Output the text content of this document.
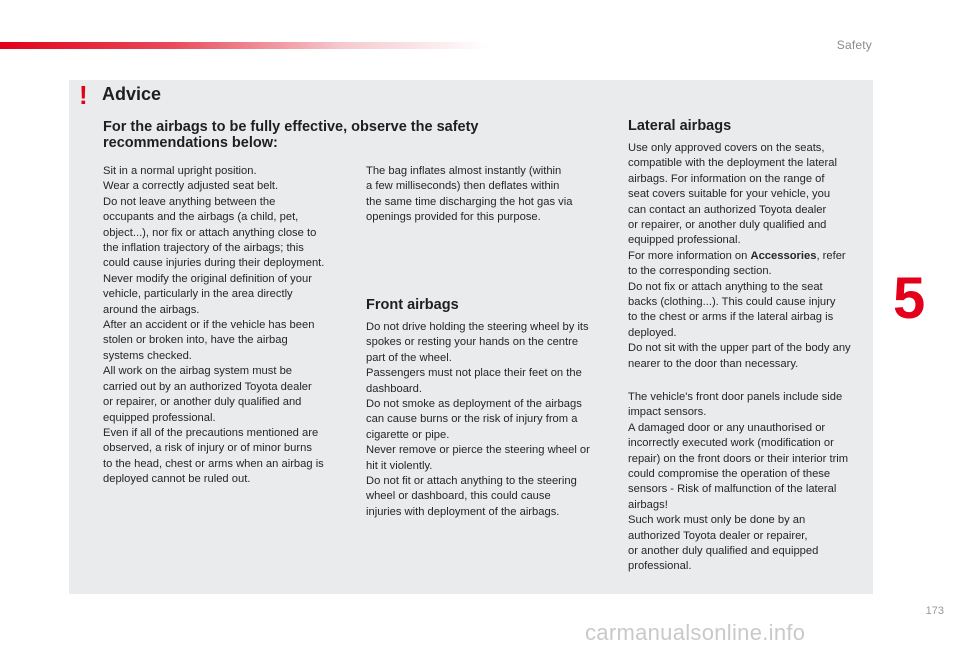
Safety
! Advice
For the airbags to be fully effective, observe the safety recommendations below:

Sit in a normal upright position.

Wear a correctly adjusted seat belt.

Do not leave anything between the

occupants and the airbags (a child, pet,

object...), nor fix or attach anything close to

the inflation trajectory of the airbags; this

could cause injuries during their deployment.

Never modify the original definition of your

vehicle, particularly in the area directly

around the airbags.

After an accident or if the vehicle has been

stolen or broken into, have the airbag

systems checked.

All work on the airbag system must be

carried out by an authorized Toyota dealer

or repairer, or another duly qualified and

equipped professional.

Even if all of the precautions mentioned are

observed, a risk of injury or of minor burns

to the head, chest or arms when an airbag is

deployed cannot be ruled out.

The bag inflates almost instantly (within

a few milliseconds) then deflates within

the same time discharging the hot gas via

openings provided for this purpose.

Front airbags

Do not drive holding the steering wheel by its

spokes or resting your hands on the centre

part of the wheel.

Passengers must not place their feet on the

dashboard.

Do not smoke as deployment of the airbags

can cause burns or the risk of injury from a

cigarette or pipe.

Never remove or pierce the steering wheel or

hit it violently.

Do not fit or attach anything to the steering

wheel or dashboard, this could cause

injuries with deployment of the airbags.

Lateral airbags

Use only approved covers on the seats,

compatible with the deployment the lateral

airbags. For information on the range of

seat covers suitable for your vehicle, you

can contact an authorized Toyota dealer

or repairer, or another duly qualified and

equipped professional.

For more information on Accessories, refer

to the corresponding section.

Do not fix or attach anything to the seat

backs (clothing...). This could cause injury

to the chest or arms if the lateral airbag is

deployed.

Do not sit with the upper part of the body any

nearer to the door than necessary.

The vehicle's front door panels include side

impact sensors.

A damaged door or any unauthorised or

incorrectly executed work (modification or

repair) on the front doors or their interior trim

could compromise the operation of these

sensors - Risk of malfunction of the lateral

airbags!

Such work must only be done by an

authorized Toyota dealer or repairer,

or another duly qualified and equipped

professional.

5
173
carmanualsonline.info
